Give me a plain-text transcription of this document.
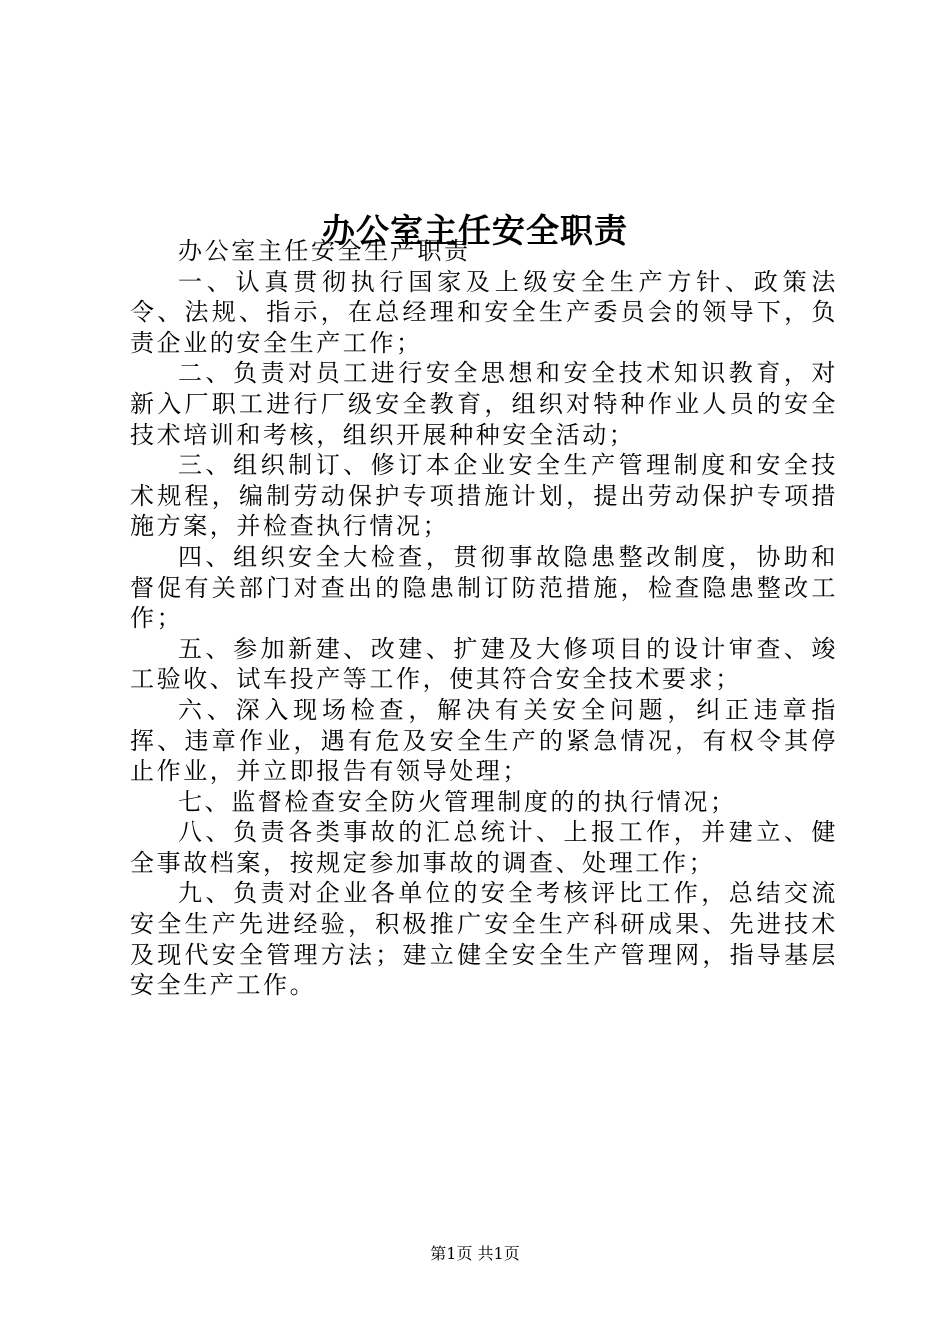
办公室主任安全职责

办公室主任安全生产职责

一、认真贯彻执行国家及上级安全生产方针、政策法令、法规、指示，在总经理和安全生产委员会的领导下，负责企业的安全生产工作；

二、负责对员工进行安全思想和安全技术知识教育，对新入厂职工进行厂级安全教育，组织对特种作业人员的安全技术培训和考核，组织开展种种安全活动；

三、组织制订、修订本企业安全生产管理制度和安全技术规程，编制劳动保护专项措施计划，提出劳动保护专项措施方案，并检查执行情况；

四、组织安全大检查，贯彻事故隐患整改制度，协助和督促有关部门对查出的隐患制订防范措施，检查隐患整改工作；

五、参加新建、改建、扩建及大修项目的设计审查、竣工验收、试车投产等工作，使其符合安全技术要求；

六、深入现场检查，解决有关安全问题，纠正违章指挥、违章作业，遇有危及安全生产的紧急情况，有权令其停止作业，并立即报告有领导处理；

七、监督检查安全防火管理制度的的执行情况；

八、负责各类事故的汇总统计、上报工作，并建立、健全事故档案，按规定参加事故的调查、处理工作；

九、负责对企业各单位的安全考核评比工作，总结交流安全生产先进经验，积极推广安全生产科研成果、先进技术及现代安全管理方法；建立健全安全生产管理网，指导基层安全生产工作。

第1页 共1页
